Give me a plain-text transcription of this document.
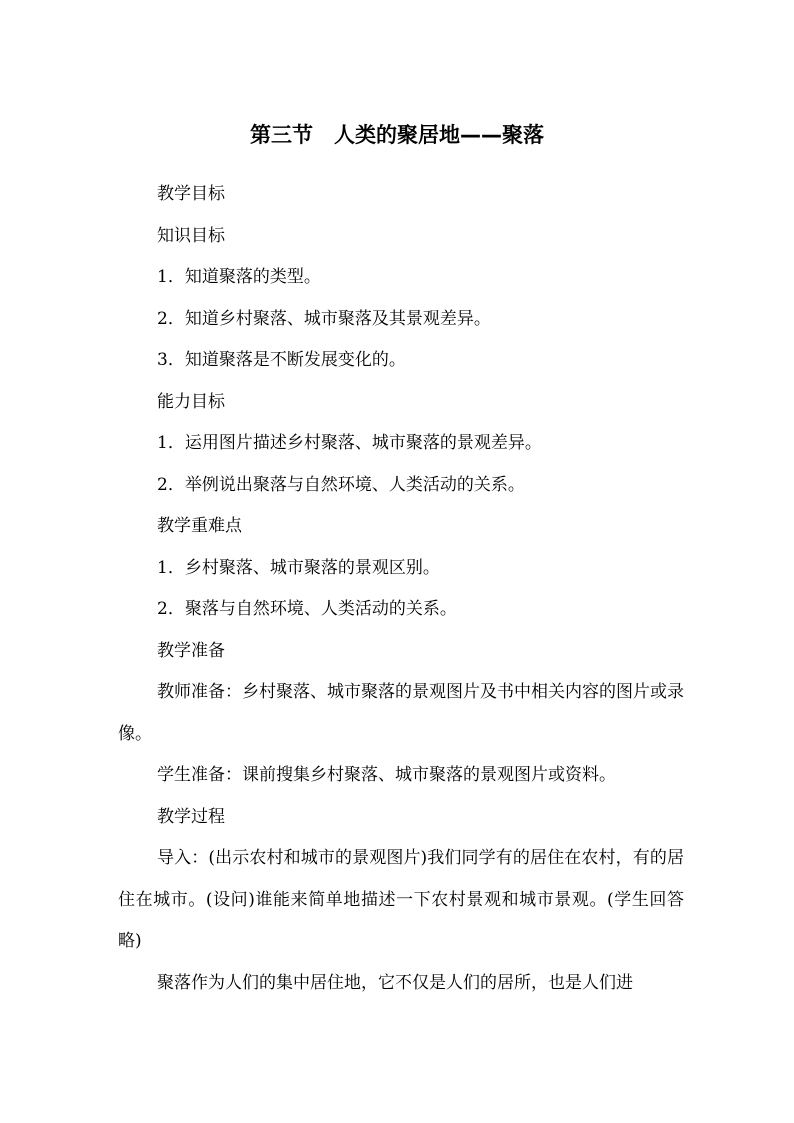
第三节　人类的聚居地——聚落
教学目标
知识目标
1．知道聚落的类型。
2．知道乡村聚落、城市聚落及其景观差异。
3．知道聚落是不断发展变化的。
能力目标
1．运用图片描述乡村聚落、城市聚落的景观差异。
2．举例说出聚落与自然环境、人类活动的关系。
教学重难点
1．乡村聚落、城市聚落的景观区别。
2．聚落与自然环境、人类活动的关系。
教学准备
教师准备：乡村聚落、城市聚落的景观图片及书中相关内容的图片或录像。
学生准备：课前搜集乡村聚落、城市聚落的景观图片或资料。
教学过程
导入：(出示农村和城市的景观图片)我们同学有的居住在农村，有的居住在城市。(设问)谁能来简单地描述一下农村景观和城市景观。(学生回答略)
聚落作为人们的集中居住地，它不仅是人们的居所，也是人们进
